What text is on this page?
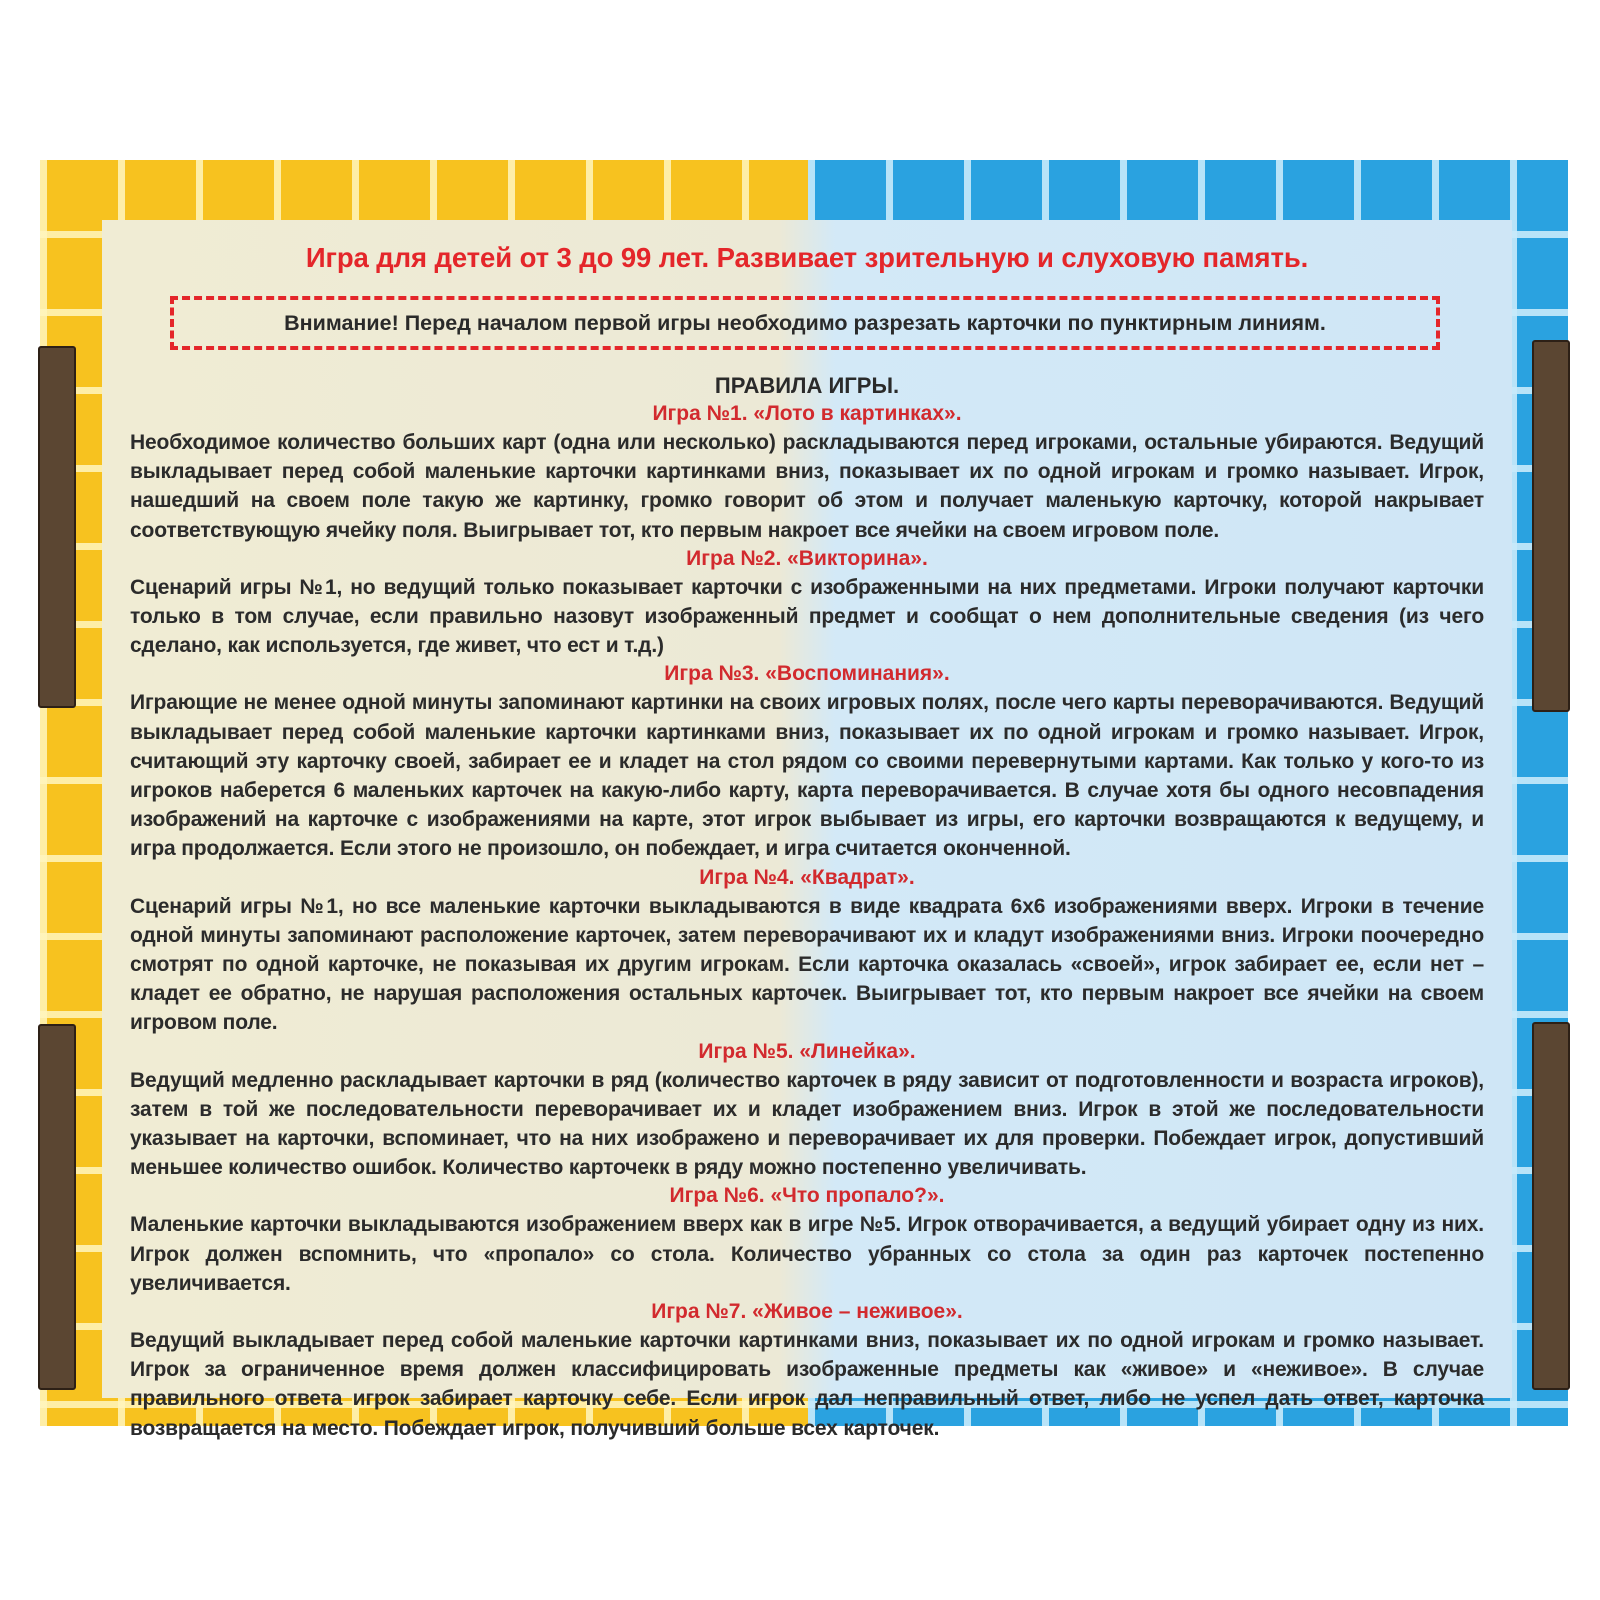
Игра для детей от 3 до 99 лет. Развивает зрительную и слуховую память.
Внимание! Перед началом первой игры необходимо разрезать карточки по пунктирным линиям.
ПРАВИЛА ИГРЫ.
Игра №1. «Лото в картинках».
Необходимое количество больших карт (одна или несколько) раскладываются перед игроками, остальные убираются. Ведущий выкладывает перед собой маленькие карточки картинками вниз, показывает их по одной игрокам и громко называет. Игрок, нашедший на своем поле такую же картинку, громко говорит об этом и получает маленькую карточку, которой накрывает соответствующую ячейку поля. Выигрывает тот, кто первым накроет все ячейки на своем игровом поле.
Игра №2. «Викторина».
Сценарий игры №1, но ведущий только показывает карточки с изображенными на них предметами. Игроки получают карточки только в том случае, если правильно назовут изображенный предмет и сообщат о нем дополнительные сведения (из чего сделано, как используется, где живет, что ест и т.д.)
Игра №3. «Воспоминания».
Играющие не менее одной минуты запоминают картинки на своих игровых полях, после чего карты переворачиваются. Ведущий выкладывает перед собой маленькие карточки картинками вниз, показывает их по одной игрокам и громко называет. Игрок, считающий эту карточку своей, забирает ее и кладет на стол рядом со своими перевернутыми картами. Как только у кого-то из игроков наберется 6 маленьких карточек на какую-либо карту, карта переворачивается. В случае хотя бы одного несовпадения изображений на карточке с изображениями на карте, этот игрок выбывает из игры, его карточки возвращаются к ведущему, и игра продолжается. Если этого не произошло, он побеждает, и игра считается оконченной.
Игра №4. «Квадрат».
Сценарий игры №1, но все маленькие карточки выкладываются в виде квадрата 6х6 изображениями вверх. Игроки в течение одной минуты запоминают расположение карточек, затем переворачивают их и кладут изображениями вниз. Игроки поочередно смотрят по одной карточке, не показывая их другим игрокам. Если карточка оказалась «своей», игрок забирает ее, если нет – кладет ее обратно, не нарушая расположения остальных карточек. Выигрывает тот, кто первым накроет все ячейки на своем игровом поле.
Игра №5. «Линейка».
Ведущий медленно раскладывает карточки в ряд (количество карточек в ряду зависит от подготовленности и возраста игроков), затем в той же последовательности переворачивает их и кладет изображением вниз. Игрок в этой же последовательности указывает на карточки, вспоминает, что на них изображено и переворачивает их для проверки. Побеждает игрок, допустивший меньшее количество ошибок. Количество карточекк в ряду можно постепенно увеличивать.
Игра №6. «Что пропало?».
Маленькие карточки выкладываются изображением вверх как в игре №5. Игрок отворачивается, а ведущий убирает одну из них. Игрок должен вспомнить, что «пропало» со стола. Количество убранных со стола за один раз карточек постепенно увеличивается.
Игра №7. «Живое – неживое».
Ведущий выкладывает перед собой маленькие карточки картинками вниз, показывает их по одной игрокам и громко называет. Игрок за ограниченное время должен классифицировать изображенные предметы как «живое» и «неживое». В случае правильного ответа игрок забирает карточку себе. Если игрок дал неправильный ответ, либо не успел дать ответ, карточка возвращается на место. Побеждает игрок, получивший больше всех карточек.
